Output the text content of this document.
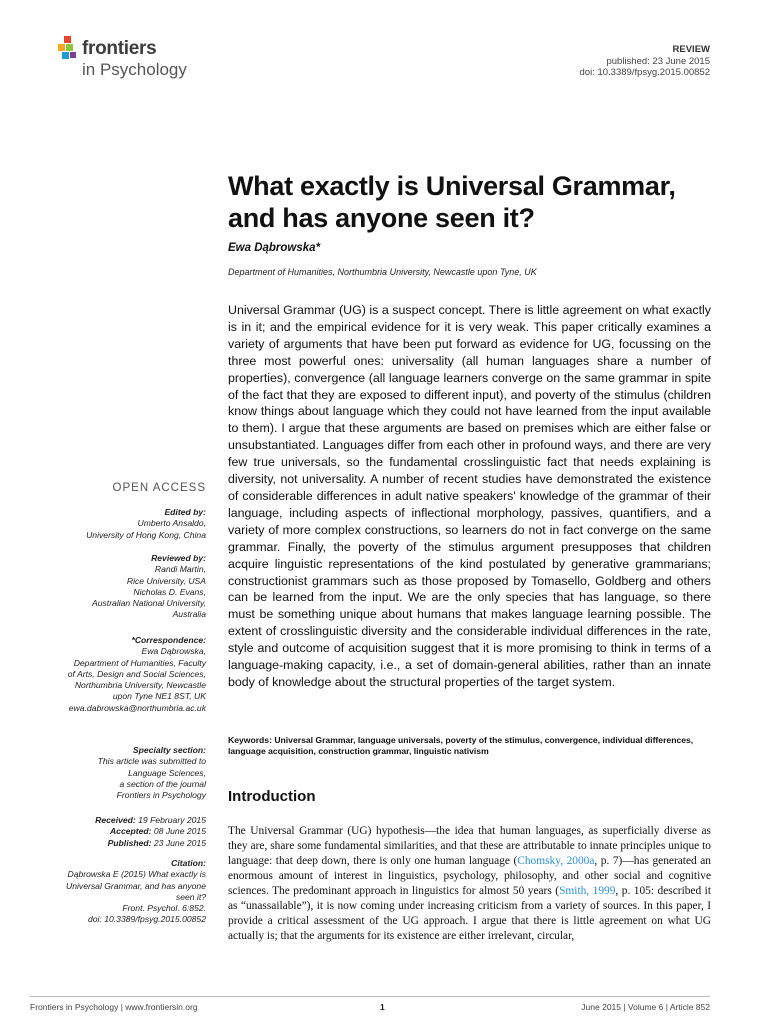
frontiers
in Psychology
REVIEW
published: 23 June 2015
doi: 10.3389/fpsyg.2015.00852
What exactly is Universal Grammar, and has anyone seen it?
Ewa Dąbrowska*
Department of Humanities, Northumbria University, Newcastle upon Tyne, UK
Universal Grammar (UG) is a suspect concept. There is little agreement on what exactly is in it; and the empirical evidence for it is very weak. This paper critically examines a variety of arguments that have been put forward as evidence for UG, focussing on the three most powerful ones: universality (all human languages share a number of properties), convergence (all language learners converge on the same grammar in spite of the fact that they are exposed to different input), and poverty of the stimulus (children know things about language which they could not have learned from the input available to them). I argue that these arguments are based on premises which are either false or unsubstantiated. Languages differ from each other in profound ways, and there are very few true universals, so the fundamental crosslinguistic fact that needs explaining is diversity, not universality. A number of recent studies have demonstrated the existence of considerable differences in adult native speakers' knowledge of the grammar of their language, including aspects of inflectional morphology, passives, quantifiers, and a variety of more complex constructions, so learners do not in fact converge on the same grammar. Finally, the poverty of the stimulus argument presupposes that children acquire linguistic representations of the kind postulated by generative grammarians; constructionist grammars such as those proposed by Tomasello, Goldberg and others can be learned from the input. We are the only species that has language, so there must be something unique about humans that makes language learning possible. The extent of crosslinguistic diversity and the considerable individual differences in the rate, style and outcome of acquisition suggest that it is more promising to think in terms of a language-making capacity, i.e., a set of domain-general abilities, rather than an innate body of knowledge about the structural properties of the target system.
Keywords: Universal Grammar, language universals, poverty of the stimulus, convergence, individual differences, language acquisition, construction grammar, linguistic nativism
Introduction
The Universal Grammar (UG) hypothesis—the idea that human languages, as superficially diverse as they are, share some fundamental similarities, and that these are attributable to innate principles unique to language: that deep down, there is only one human language (Chomsky, 2000a, p. 7)—has generated an enormous amount of interest in linguistics, psychology, philosophy, and other social and cognitive sciences. The predominant approach in linguistics for almost 50 years (Smith, 1999, p. 105: described it as “unassailable”), it is now coming under increasing criticism from a variety of sources. In this paper, I provide a critical assessment of the UG approach. I argue that there is little agreement on what UG actually is; that the arguments for its existence are either irrelevant, circular,
OPEN ACCESS
Edited by:
Umberto Ansaldo,
University of Hong Kong, China
Reviewed by:
Randi Martin,
Rice University, USA
Nicholas D. Evans,
Australian National University,
Australia
*Correspondence:
Ewa Dąbrowska,
Department of Humanities, Faculty
of Arts, Design and Social Sciences,
Northumbria University, Newcastle
upon Tyne NE1 8ST, UK
ewa.dabrowska@northumbria.ac.uk
Specialty section:
This article was submitted to
Language Sciences,
a section of the journal
Frontiers in Psychology
Received: 19 February 2015
Accepted: 08 June 2015
Published: 23 June 2015
Citation:
Dąbrowska E (2015) What exactly is
Universal Grammar, and has anyone
seen it?
Front. Psychol. 6:852.
doi: 10.3389/fpsyg.2015.00852
Frontiers in Psychology | www.frontiersin.org	1	June 2015 | Volume 6 | Article 852
